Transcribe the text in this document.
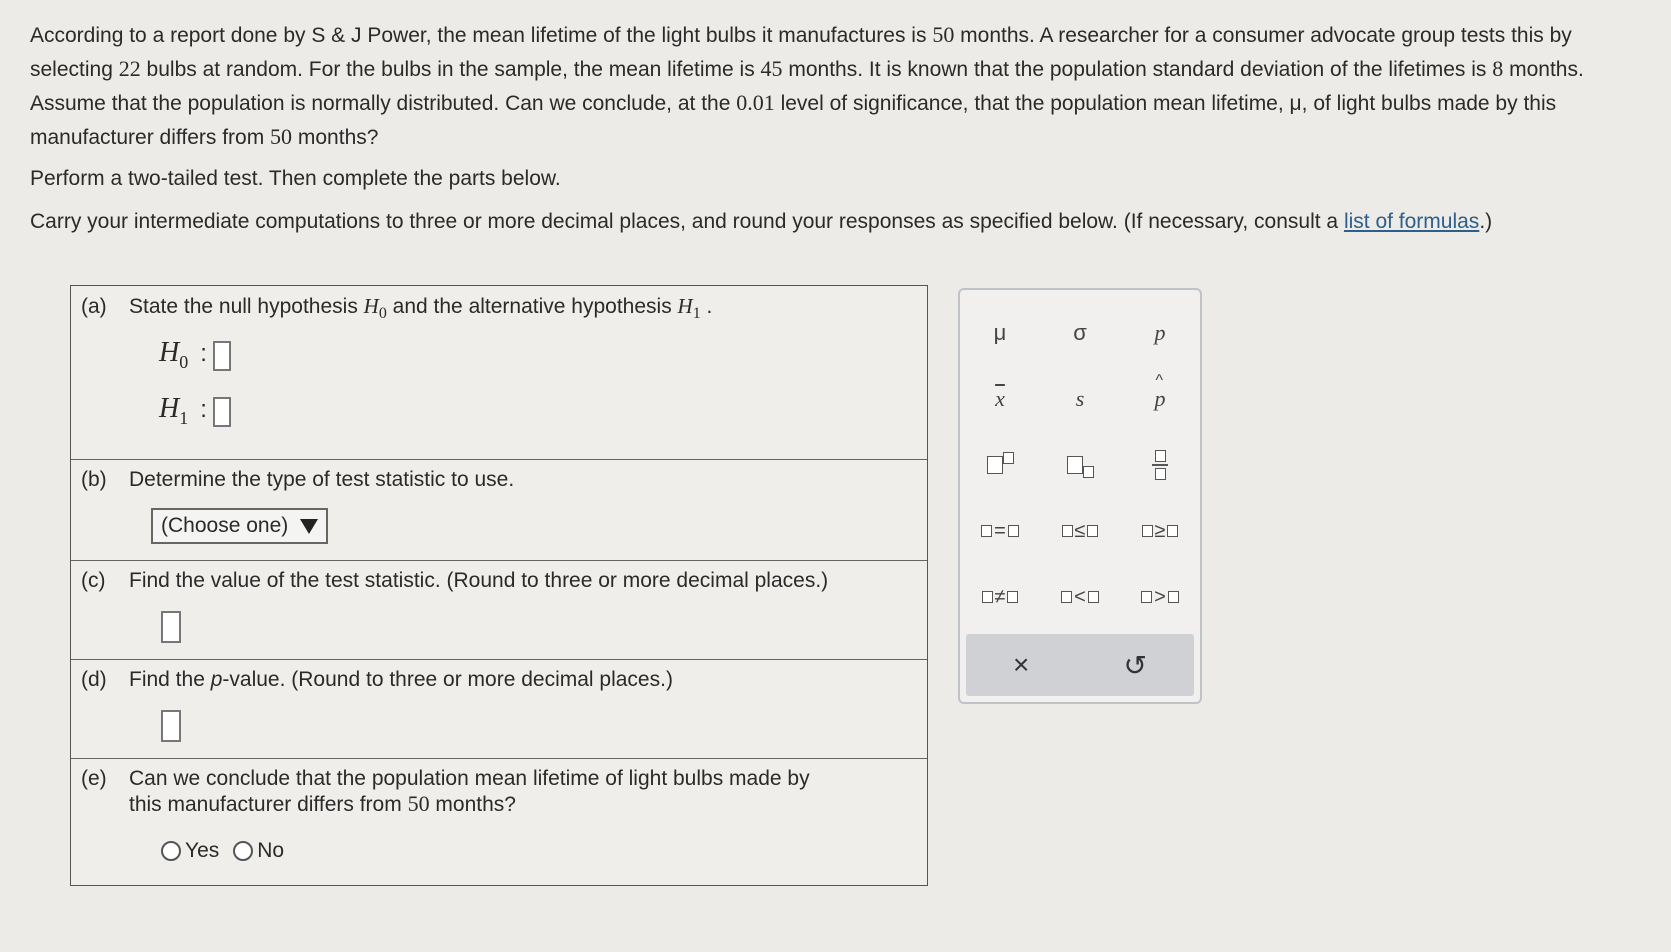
According to a report done by S & J Power, the mean lifetime of the light bulbs it manufactures is 50 months. A researcher for a consumer advocate group tests this by selecting 22 bulbs at random. For the bulbs in the sample, the mean lifetime is 45 months. It is known that the population standard deviation of the lifetimes is 8 months. Assume that the population is normally distributed. Can we conclude, at the 0.01 level of significance, that the population mean lifetime, μ, of light bulbs made by this manufacturer differs from 50 months?

Perform a two-tailed test. Then complete the parts below.

Carry your intermediate computations to three or more decimal places, and round your responses as specified below. (If necessary, consult a list of formulas.)

(a) State the null hypothesis $H_0$ and the alternative hypothesis $H_1$ .
H0 :
H1 :
(b) Determine the type of test statistic to use.
(Choose one)
(c) Find the value of the test statistic. (Round to three or more decimal places.)
(d) Find the p-value. (Round to three or more decimal places.)
(e) Can we conclude that the population mean lifetime of light bulbs made by
this manufacturer differs from 50 months?
Yes No
μ	σ	p
$\overline{x}$	s
^
p
=	≤	≥
≠	<	>
×	↺
